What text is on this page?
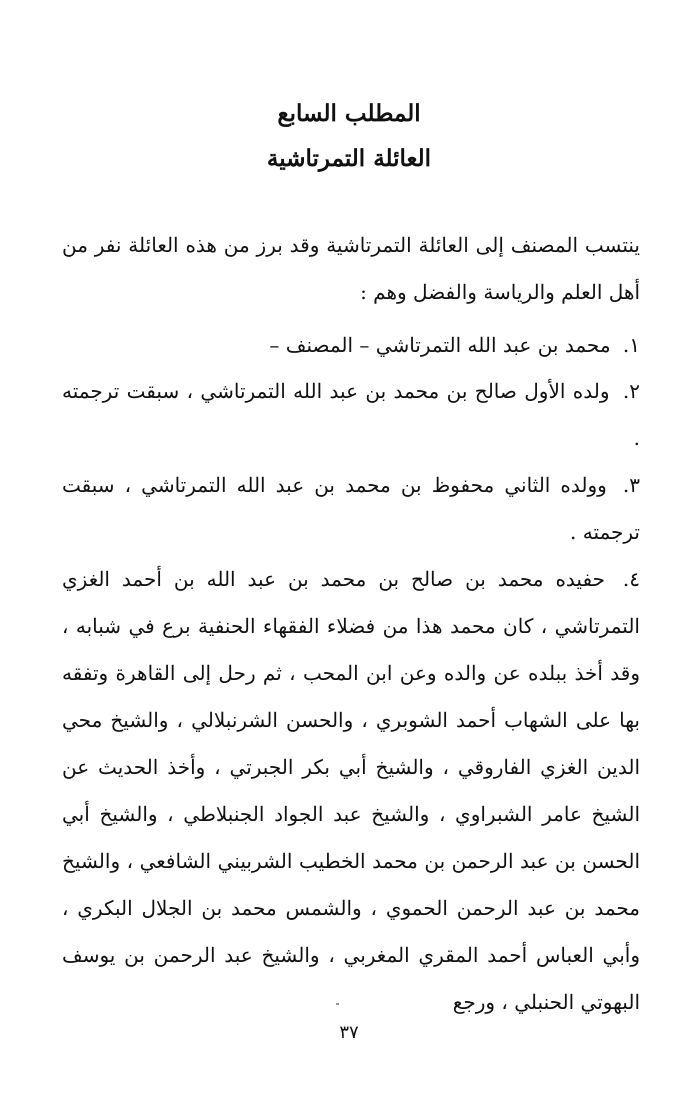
المطلب السابع
العائلة التمرتاشية

ينتسب المصنف إلى العائلة التمرتاشية وقد برز من هذه العائلة نفر من أهل العلم والرياسة والفضل وهم :

١. محمد بن عبد الله التمرتاشي – المصنف –

٢. ولده الأول صالح بن محمد بن عبد الله التمرتاشي ، سبقت ترجمته .

٣. وولده الثاني محفوظ بن محمد بن عبد الله التمرتاشي ، سبقت ترجمته .

٤. حفيده محمد بن صالح بن محمد بن عبد الله بن أحمد الغزي التمرتاشي ، كان محمد هذا من فضلاء الفقهاء الحنفية برع في شبابه ، وقد أخذ ببلده عن والده وعن ابن المحب ، ثم رحل إلى القاهرة وتفقه بها على الشهاب أحمد الشوبري ، والحسن الشرنبلالي ، والشيخ محي الدين الغزي الفاروقي ، والشيخ أبي بكر الجبرتي ، وأخذ الحديث عن الشيخ عامر الشبراوي ، والشيخ عبد الجواد الجنبلاطي ، والشيخ أبي الحسن بن عبد الرحمن بن محمد الخطيب الشربيني الشافعي ، والشيخ محمد بن عبد الرحمن الحموي ، والشمس محمد بن الجلال البكري ، وأبي العباس أحمد المقري المغربي ، والشيخ عبد الرحمن بن يوسف البهوتي الحنبلي ، ورجع

٣٧
